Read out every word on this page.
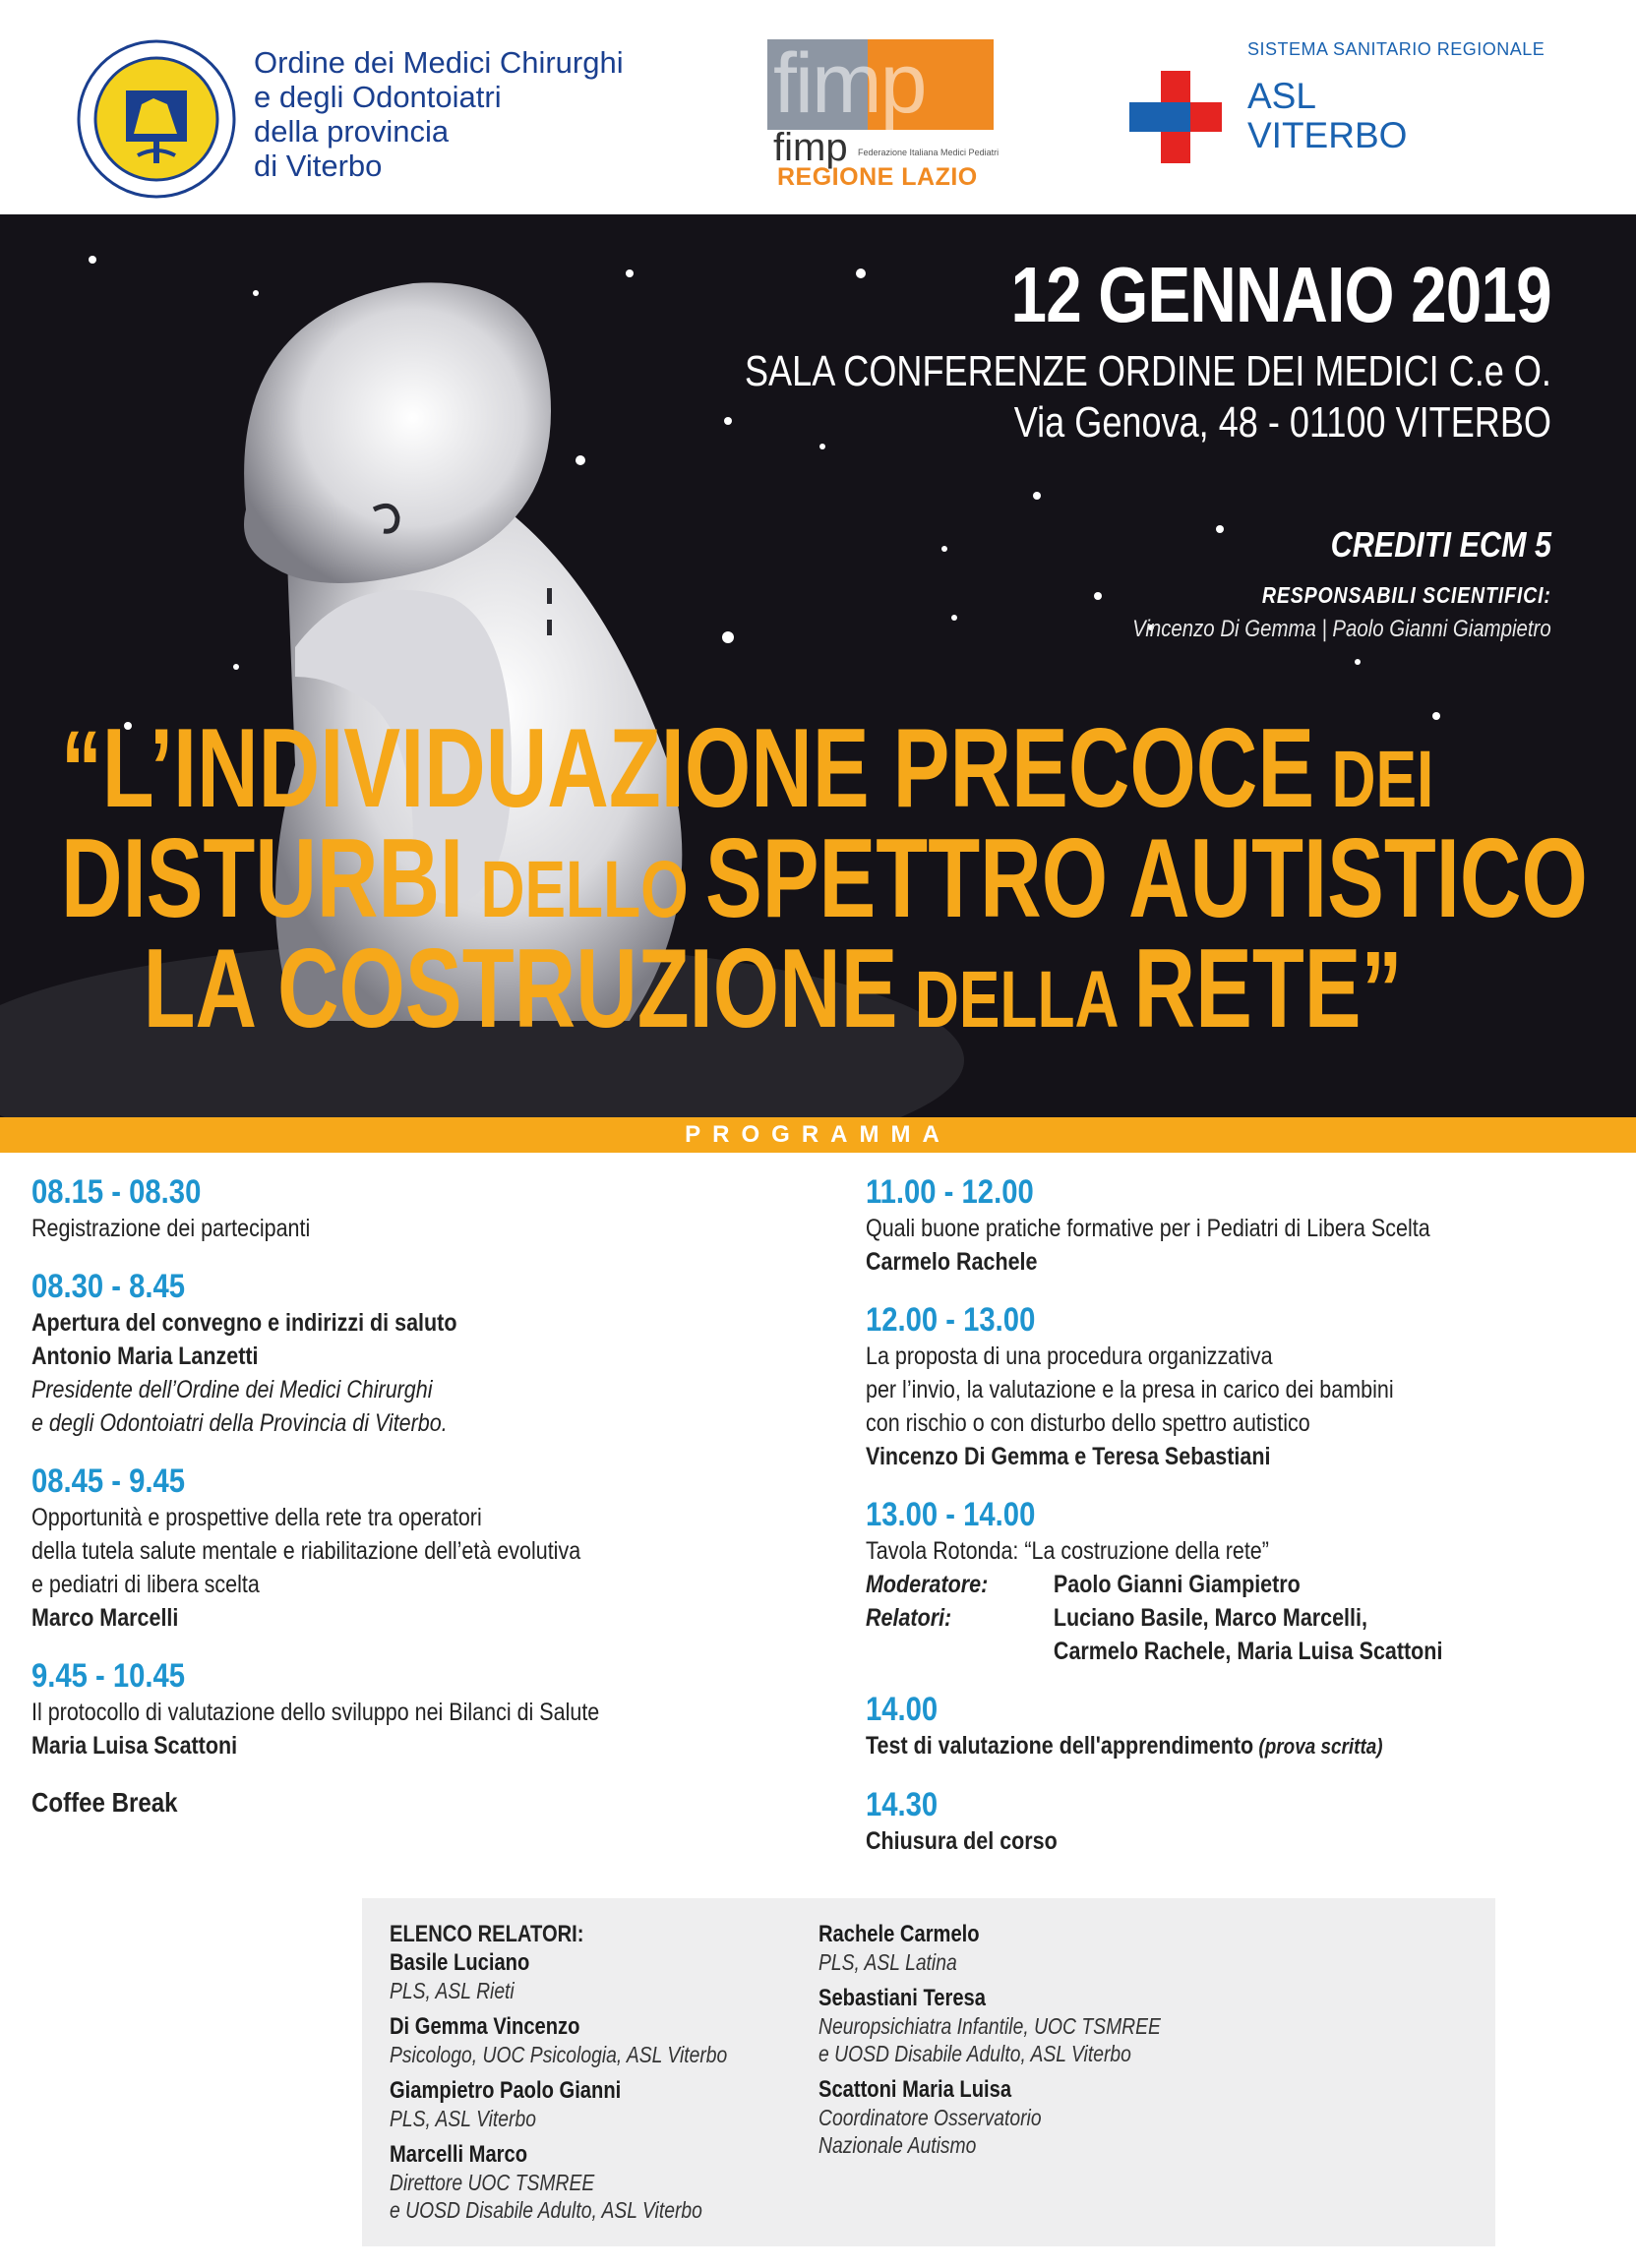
Ordine dei Medici Chirurghi
e degli Odontoiatri
della provincia
di Viterbo
fimp
fimp Federazione Italiana Medici Pediatri
REGIONE LAZIO
SISTEMA SANITARIO REGIONALE
ASL
VITERBO
12 GENNAIO 2019
SALA CONFERENZE ORDINE DEI MEDICI C.e O.
Via Genova, 48 - 01100 VITERBO
CREDITI ECM 5
RESPONSABILI SCIENTIFICI:
Vincenzo Di Gemma | Paolo Gianni Giampietro
“L’INDIVIDUAZIONE PRECOCE DEI
DISTURBI DELLO SPETTRO AUTISTICO
LA COSTRUZIONE DELLA RETE”
PROGRAMMA
08.15 - 08.30
Registrazione dei partecipanti
08.30 - 8.45
Apertura del convegno e indirizzi di saluto
Antonio Maria Lanzetti
Presidente dell’Ordine dei Medici Chirurghi
e degli Odontoiatri della Provincia di Viterbo.
08.45 - 9.45
Opportunità e prospettive della rete tra operatori
della tutela salute mentale e riabilitazione dell’età evolutiva
e pediatri di libera scelta
Marco Marcelli
9.45 - 10.45
Il protocollo di valutazione dello sviluppo nei Bilanci di Salute
Maria Luisa Scattoni
Coffee Break
11.00 - 12.00
Quali buone pratiche formative per i Pediatri di Libera Scelta
Carmelo Rachele
12.00 - 13.00
La proposta di una procedura organizzativa
per l’invio, la valutazione e la presa in carico dei bambini
con rischio o con disturbo dello spettro autistico
Vincenzo Di Gemma e Teresa Sebastiani
13.00 - 14.00
Tavola Rotonda: “La costruzione della rete”
Moderatore:	Paolo Gianni Giampietro
Relatori:	Luciano Basile, Marco Marcelli,
Carmelo Rachele, Maria Luisa Scattoni
14.00
Test di valutazione dell'apprendimento (prova scritta)
14.30
Chiusura del corso
ELENCO RELATORI:
Basile Luciano
PLS, ASL Rieti
Di Gemma Vincenzo
Psicologo, UOC Psicologia, ASL Viterbo
Giampietro Paolo Gianni
PLS, ASL Viterbo
Marcelli Marco
Direttore UOC TSMREE
e UOSD Disabile Adulto, ASL Viterbo
Rachele Carmelo
PLS, ASL Latina
Sebastiani Teresa
Neuropsichiatra Infantile, UOC TSMREE
e UOSD Disabile Adulto, ASL Viterbo
Scattoni Maria Luisa
Coordinatore Osservatorio
Nazionale Autismo
